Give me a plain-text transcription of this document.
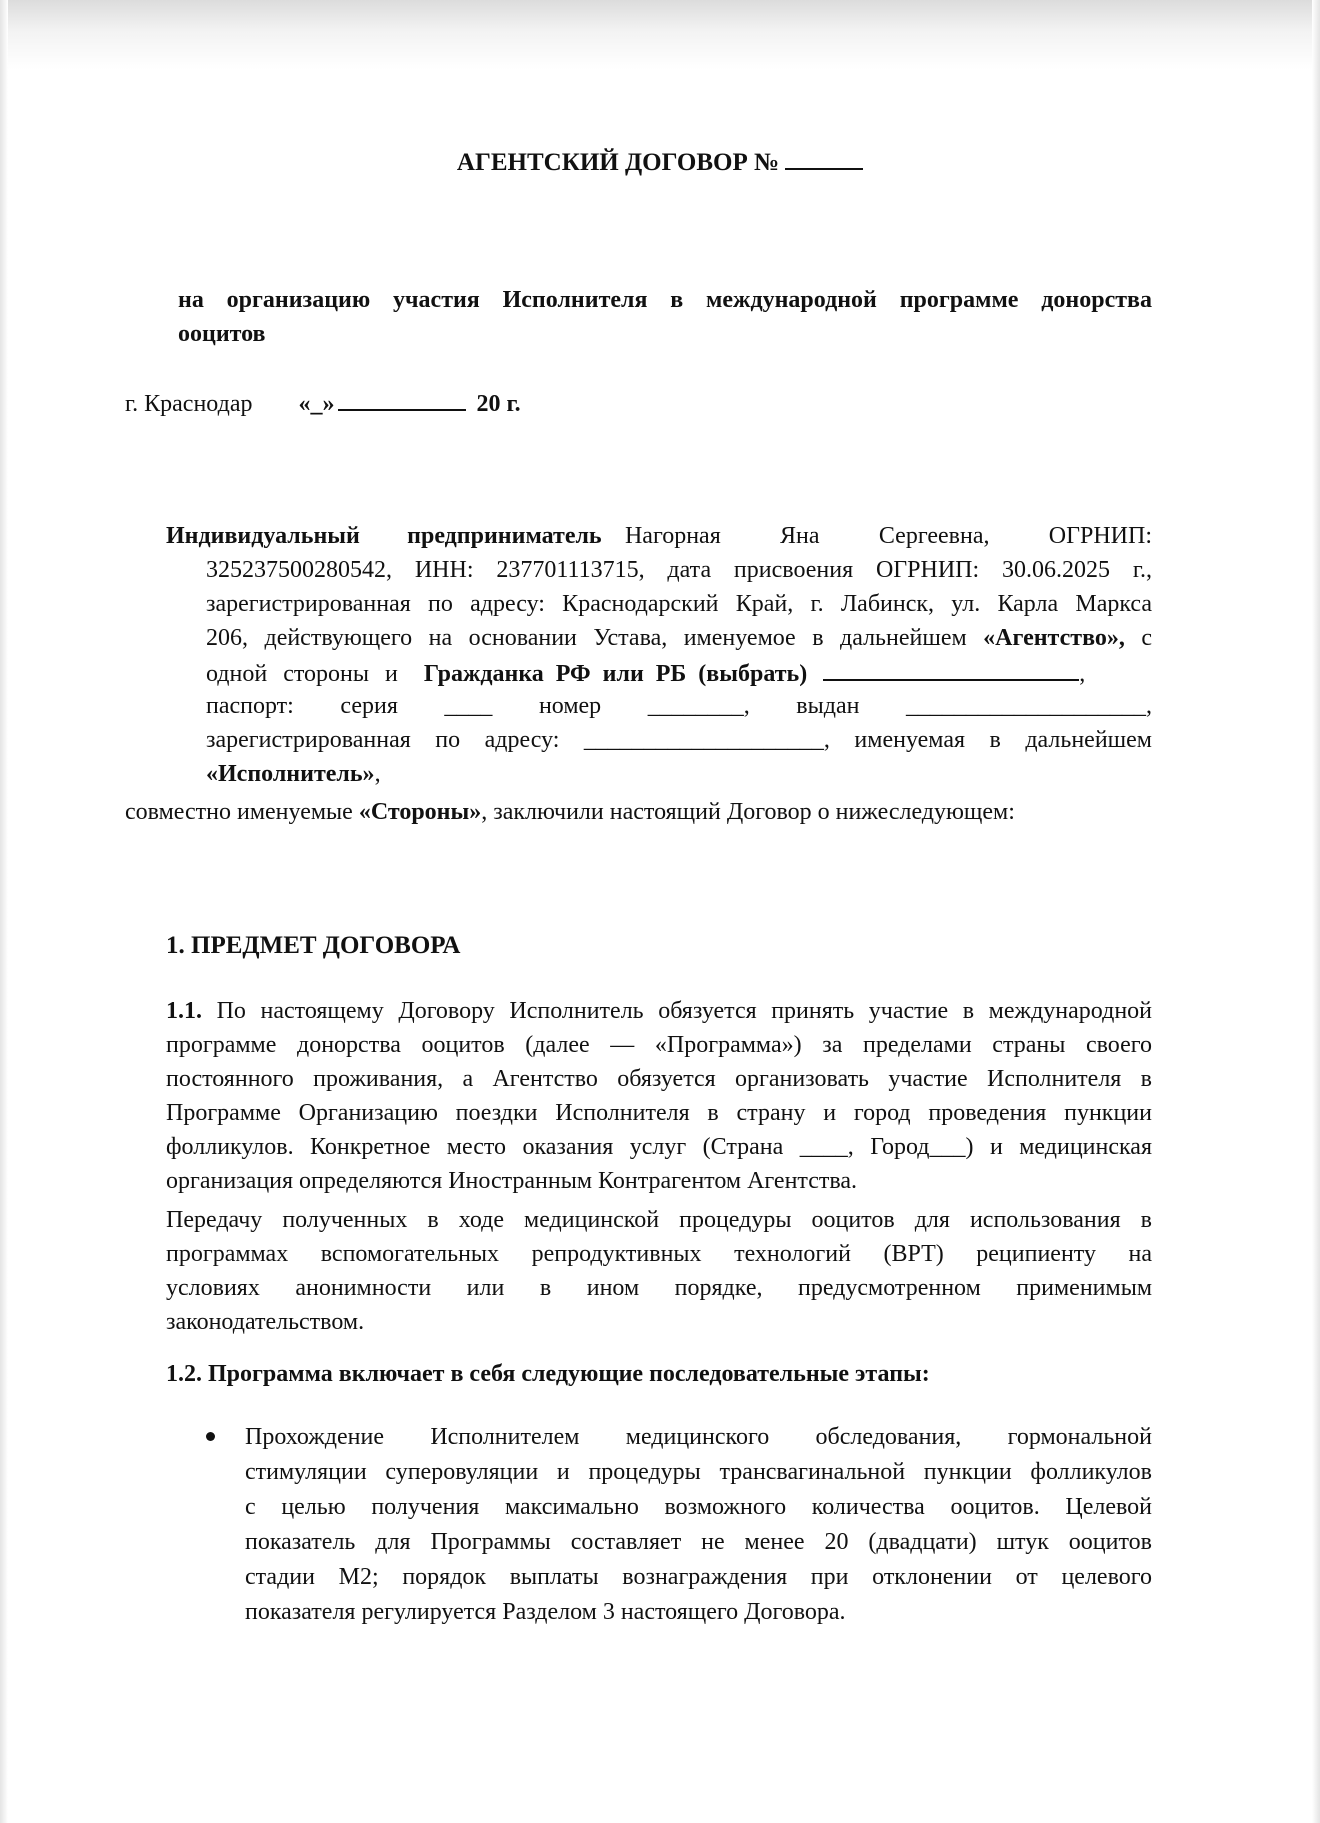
АГЕНТСКИЙ ДОГОВОР №
на организацию участия Исполнителя в международной программе донорства
ооцитов
г. Краснодар «_»	20 г.
Индивидуальный предприниматель Нагорная Яна Сергеевна, ОГРНИП:
325237500280542, ИНН: 237701113715, дата присвоения ОГРНИП: 30.06.2025 г.,
зарегистрированная по адресу: Краснодарский Край, г. Лабинск, ул. Карла Маркса
206, действующего на основании Устава, именуемое в дальнейшем «Агентство», с
одной стороны и Гражданка РФ или РБ (выбрать)	,
паспорт: серия ____ номер ________, выдан ____________________,
зарегистрированная по адресу: ____________________, именуемая в дальнейшем
«Исполнитель»,
совместно именуемые «Стороны», заключили настоящий Договор о нижеследующем:
1. ПРЕДМЕТ ДОГОВОРА
1.1. По настоящему Договору Исполнитель обязуется принять участие в международной
программе донорства ооцитов (далее — «Программа») за пределами страны своего
постоянного проживания, а Агентство обязуется организовать участие Исполнителя в
Программе Организацию поездки Исполнителя в страну и город проведения пункции
фолликулов. Конкретное место оказания услуг (Страна ____, Город___) и медицинская
организация определяются Иностранным Контрагентом Агентства.
Передачу полученных в ходе медицинской процедуры ооцитов для использования в
программах вспомогательных репродуктивных технологий (ВРТ) реципиенту на
условиях анонимности или в ином порядке, предусмотренном применимым
законодательством.
1.2. Программа включает в себя следующие последовательные этапы:
Прохождение Исполнителем медицинского обследования, гормональной
стимуляции суперовуляции и процедуры трансвагинальной пункции фолликулов
с целью получения максимально возможного количества ооцитов. Целевой
показатель для Программы составляет не менее 20 (двадцати) штук ооцитов
стадии М2; порядок выплаты вознаграждения при отклонении от целевого
показателя регулируется Разделом 3 настоящего Договора.
